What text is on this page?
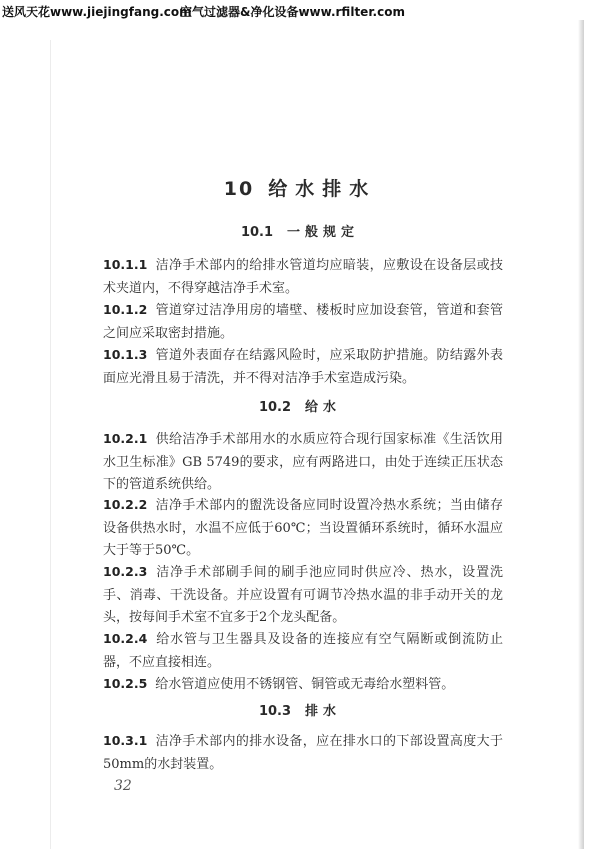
送风天花www.jiejingfang.com
空气过滤器&净化设备www.rfilter.com
10 给水排水
10.1 一般规定
10.1.1 洁净手术部内的给排水管道均应暗装，应敷设在设备层或技术夹道内，不得穿越洁净手术室。
10.1.2 管道穿过洁净用房的墙壁、楼板时应加设套管，管道和套管之间应采取密封措施。
10.1.3 管道外表面存在结露风险时，应采取防护措施。防结露外表面应光滑且易于清洗，并不得对洁净手术室造成污染。
10.2 给水
10.2.1 供给洁净手术部用水的水质应符合现行国家标准《生活饮用水卫生标准》GB 5749的要求，应有两路进口，由处于连续正压状态下的管道系统供给。
10.2.2 洁净手术部内的盥洗设备应同时设置冷热水系统；当由储存设备供热水时，水温不应低于60℃；当设置循环系统时，循环水温应大于等于50℃。
10.2.3 洁净手术部刷手间的刷手池应同时供应冷、热水，设置洗手、消毒、干洗设备。并应设置有可调节冷热水温的非手动开关的龙头，按每间手术室不宜多于2个龙头配备。
10.2.4 给水管与卫生器具及设备的连接应有空气隔断或倒流防止器，不应直接相连。
10.2.5 给水管道应使用不锈钢管、铜管或无毒给水塑料管。
10.3 排水
10.3.1 洁净手术部内的排水设备，应在排水口的下部设置高度大于50mm的水封装置。
32
